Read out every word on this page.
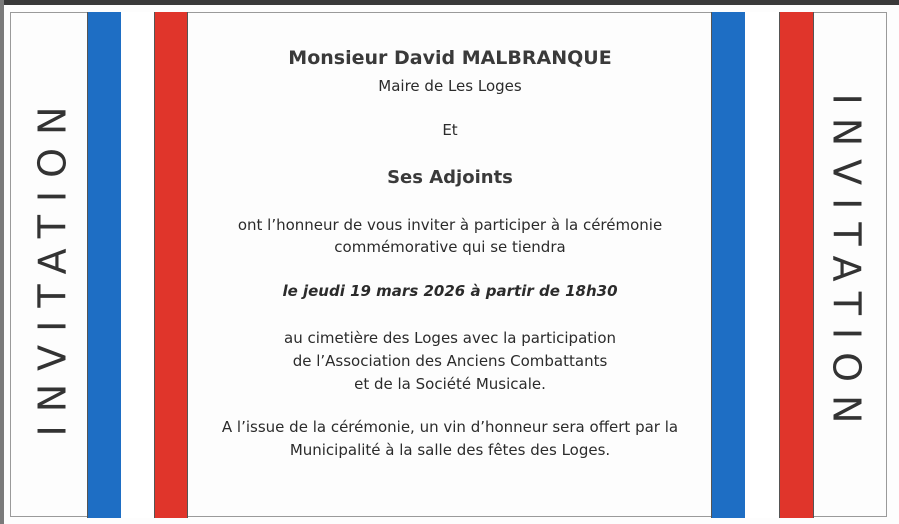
INVITATION	INVITATION
Monsieur David MALBRANQUE
Maire de Les Loges
Et
Ses Adjoints
ont l’honneur de vous inviter à participer à la cérémonie
commémorative qui se tiendra
le jeudi 19 mars 2026 à partir de 18h30
au cimetière des Loges avec la participation
de l’Association des Anciens Combattants
et de la Société Musicale.
A l’issue de la cérémonie, un vin d’honneur sera offert par la
Municipalité à la salle des fêtes des Loges.
